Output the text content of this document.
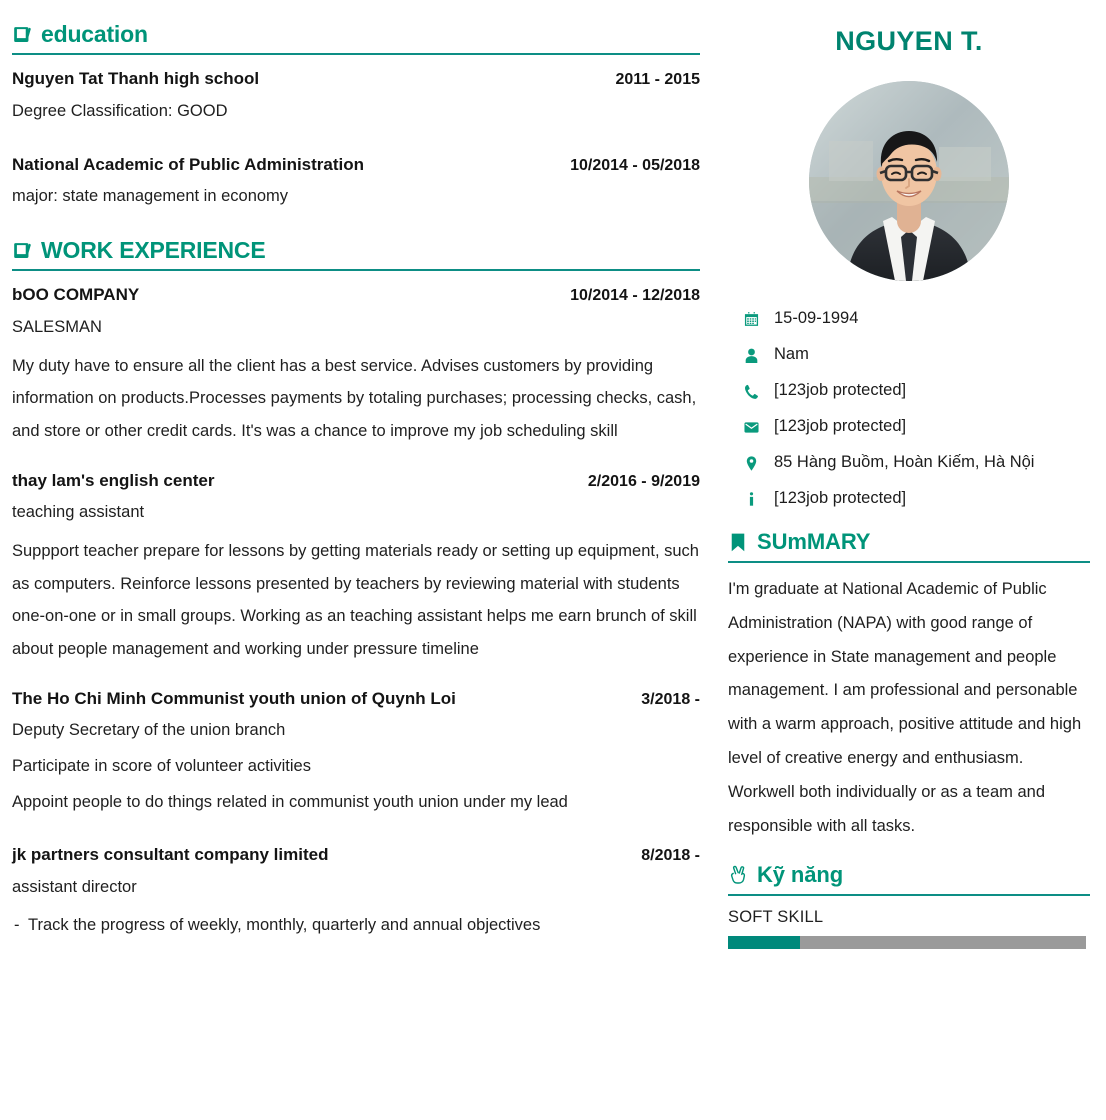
education
Nguyen Tat Thanh high school	2011 - 2015
Degree Classification: GOOD
National Academic of Public Administration	10/2014 - 05/2018
major: state management in economy
WORK EXPERIENCE
bOO COMPANY	10/2014 - 12/2018
SALESMAN
My duty have to ensure all the client has a best service. Advises customers by providing information on products.Processes payments by totaling purchases; processing checks, cash, and store or other credit cards. It's was a chance to improve my job scheduling skill
thay lam's english center	2/2016 - 9/2019
teaching assistant
Suppport teacher prepare for lessons by getting materials ready or setting up equipment, such as computers. Reinforce lessons presented by teachers by reviewing material with students one-on-one or in small groups. Working as an teaching assistant helps me earn brunch of skill about people management and working under pressure timeline
The Ho Chi Minh Communist youth union of Quynh Loi	3/2018 -
Deputy Secretary of the union branch
Participate in score of volunteer activities
Appoint people to do things related in communist youth union under my lead
jk partners consultant company limited	8/2018 -
assistant director
- Track the progress of weekly, monthly, quarterly and annual objectives
NGUYEN T.
15-09-1994
Nam
[123job protected]
[123job protected]
85 Hàng Buồm, Hoàn Kiếm, Hà Nội
[123job protected]
SUmMARY
I'm graduate at National Academic of Public Administration (NAPA) with good range of experience in State management and people management. I am professional and personable with a warm approach, positive attitude and high level of creative energy and enthusiasm. Workwell both individually or as a team and responsible with all tasks.
Kỹ năng
SOFT SKILL
